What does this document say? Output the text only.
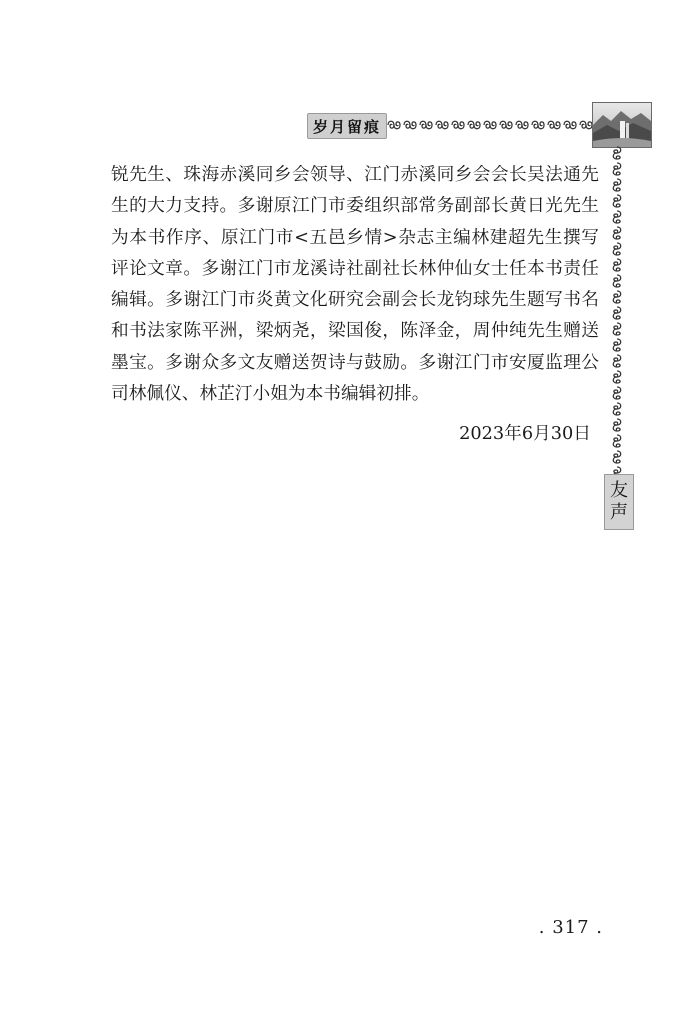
岁月留痕
友
声

锐先生、珠海赤溪同乡会领导、江门赤溪同乡会会长吴法通先生的大力支持。多谢原江门市委组织部常务副部长黄日光先生为本书作序、原江门市<五邑乡情>杂志主编林建超先生撰写评论文章。多谢江门市龙溪诗社副社长林仲仙女士任本书责任编辑。多谢江门市炎黄文化研究会副会长龙钧球先生题写书名和书法家陈平洲，梁炳尧，梁国俊，陈泽金，周仲纯先生赠送墨宝。多谢众多文友赠送贺诗与鼓励。多谢江门市安厦监理公司林佩仪、林芷汀小姐为本书编辑初排。

2023年6月30日
. 317 .
